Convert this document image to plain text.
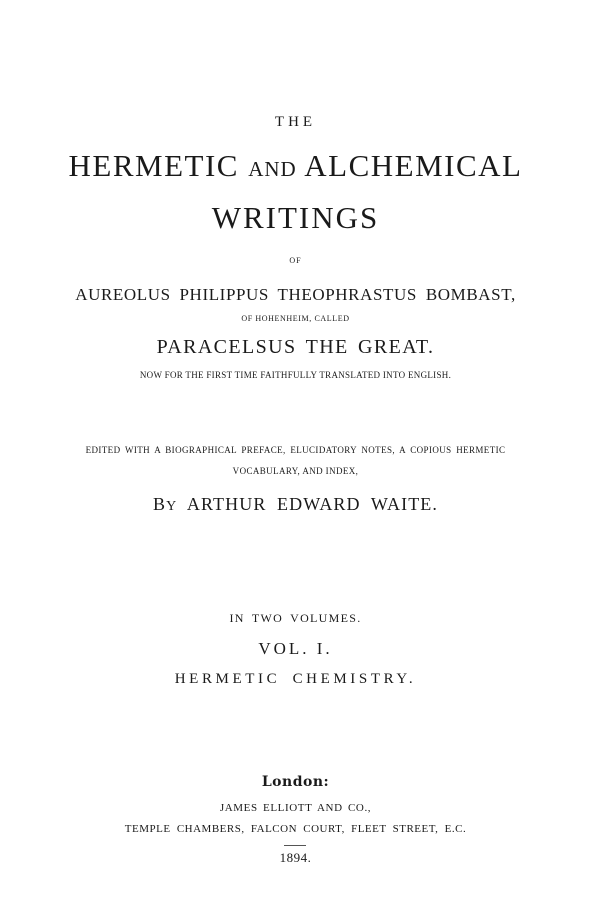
THE
HERMETIC AND ALCHEMICAL
WRITINGS
OF
AUREOLUS PHILIPPUS THEOPHRASTUS BOMBAST,
OF HOHENHEIM, CALLED
PARACELSUS THE GREAT.
NOW FOR THE FIRST TIME FAITHFULLY TRANSLATED INTO ENGLISH.
EDITED WITH A BIOGRAPHICAL PREFACE, ELUCIDATORY NOTES, A COPIOUS HERMETIC
VOCABULARY, AND INDEX,
BY ARTHUR EDWARD WAITE.
IN TWO VOLUMES.
VOL. I.
HERMETIC CHEMISTRY.
London:
JAMES ELLIOTT AND CO.,
TEMPLE CHAMBERS, FALCON COURT, FLEET STREET, E.C.
1894.
